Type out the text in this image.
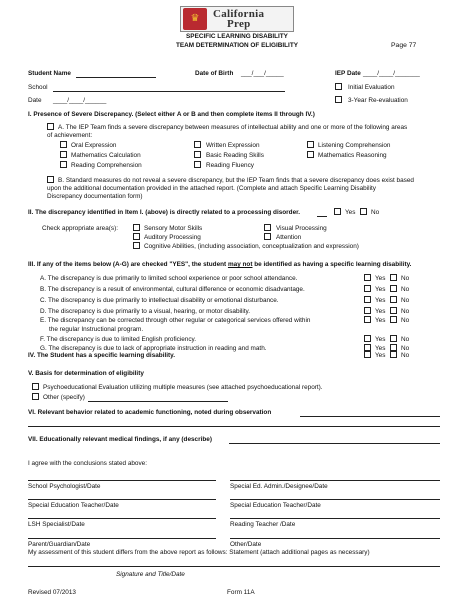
♛	California
Prep
SPECIFIC LEARNING DISABILITY
TEAM DETERMINATION OF ELIGIBILITY	Page 77
Student Name	Date of Birth ___/___/_____	IEP Date ____/____/_______
School	Initial Evaluation
Date ____/____/______	3-Year Re-evaluation
I. Presence of Severe Discrepancy. (Select either A or B and then complete items II through IV.)
A. The IEP Team finds a severe discrepancy between measures of intellectual ability and one or more of the following areas
of achievement:
Oral Expression	Written Expression	Listening Comprehension
Mathematics Calculation	Basic Reading Skills	Mathematics Reasoning
Reading Comprehension	Reading Fluency
B. Standard measures do not reveal a severe discrepancy, but the IEP Team finds that a severe discrepancy does exist based
upon the additional documentation provided in the attached report. (Complete and attach Specific Learning Disability
Discrepancy documentation form)
II. The discrepancy identified in Item I. (above) is directly related to a processing disorder.	Yes No
Check appropriate area(s):	Sensory Motor Skills	Visual Processing
Auditory Processing	Attention
Cognitive Abilities, (including association, conceptualization and expression)
III. If any of the items below (A-G) are checked "YES", the student may not be identified as having a specific learning disability.
A. The discrepancy is due primarily to limited school experience or poor school attendance.	Yes No
B. The discrepancy is a result of environmental, cultural difference or economic disadvantage.	Yes No
C. The discrepancy is due primarily to intellectual disability or emotional disturbance.	Yes No
D. The discrepancy is due primarily to a visual, hearing, or motor disability.	Yes No
E. The discrepancy can be corrected through other regular or categorical services offered within	Yes No
F. The discrepancy is due to limited English proficiency.	Yes No
G. The discrepancy is due to lack of appropriate instruction in reading and math.	Yes No
the regular Instructional program.
IV. The Student has a specific learning disability.	Yes No
V. Basis for determination of eligibility
Psychoeducational Evaluation utilizing multiple measures (see attached psychoeducational report).
Other (specify)
VI. Relevant behavior related to academic functioning, noted during observation
VII. Educationally relevant medical findings, if any (describe)
I agree with the conclusions stated above:
School Psychologist/Date	Special Ed. Admin./Designee/Date
Special Education Teacher/Date	Special Education Teacher/Date
LSH Specialist/Date	Reading Teacher /Date
Parent/Guardian/Date	Other/Date
My assessment of this student differs from the above report as follows: Statement (attach additional pages as necessary)
Signature and Title/Date
Revised 07/2013	Form 11A
